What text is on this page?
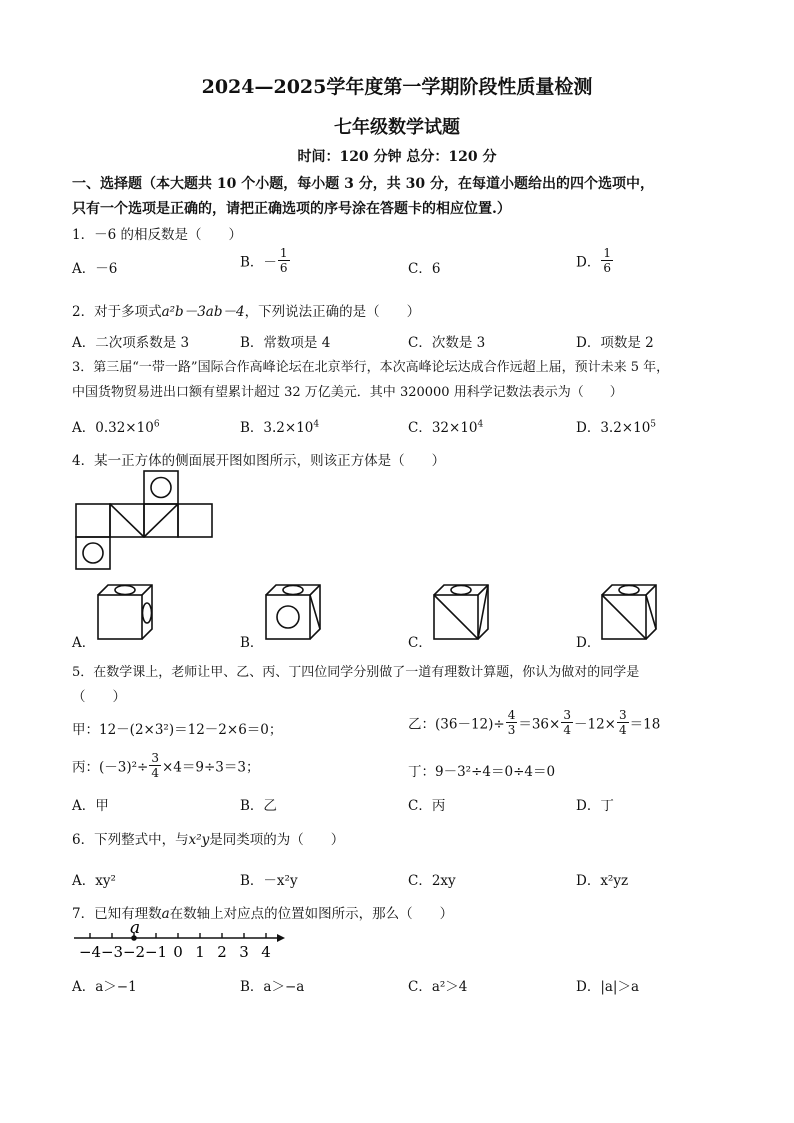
2024—2025学年度第一学期阶段性质量检测
七年级数学试题
时间：120 分钟 总分：120 分
一、选择题（本大题共 10 个小题，每小题 3 分，共 30 分，在每道小题给出的四个选项中，
只有一个选项是正确的，请把正确选项的序号涂在答题卡的相应位置.）
1．－6 的相反数是（　　）
A．－6	B．－ $\frac{1}{6}$	C．6	D． $\frac{1}{6}$
2．对于多项式a²b－3ab－4，下列说法正确的是（　　）
A．二次项系数是 3	B．常数项是 4	C．次数是 3	D．项数是 2
3．第三届“一带一路”国际合作高峰论坛在北京举行，本次高峰论坛达成合作远超上届，预计未来 5 年，
中国货物贸易进出口额有望累计超过 32 万亿美元．其中 320000 用科学记数法表示为（　　）
A．$0.32\times 10^6$	B．$3.2\times 10^4$	C．$32\times 10^4$	D．$3.2\times 10^5$
4．某一正方体的侧面展开图如图所示，则该正方体是（　　）
A．	B．	C．	D．
5．在数学课上，老师让甲、乙、丙、丁四位同学分别做了一道有理数计算题，你认为做对的同学是
（　　）
甲：12－(2×3²)＝12－2×6＝0；	乙：$(36-12)\div \frac{4}{3} =36\times \frac{3}{4} -12\times \frac{3}{4} =18$
丙：$(-3)^2\div \frac{3}{4} \times 4=9\div 3=3$；	丁：9－3²÷4＝0÷4＝0
A．甲	B．乙	C．丙	D．丁
6．下列整式中，与x²y是同类项的为（　　）
A．xy²	B．－x²y	C．2xy	D．x²yz
7．已知有理数a在数轴上对应点的位置如图所示，那么（　　）
−4 −3 −2 −1 0 1 2 3 4
a
A．a＞−1	B．a＞−a	C．a²＞4	D．|a|＞a
